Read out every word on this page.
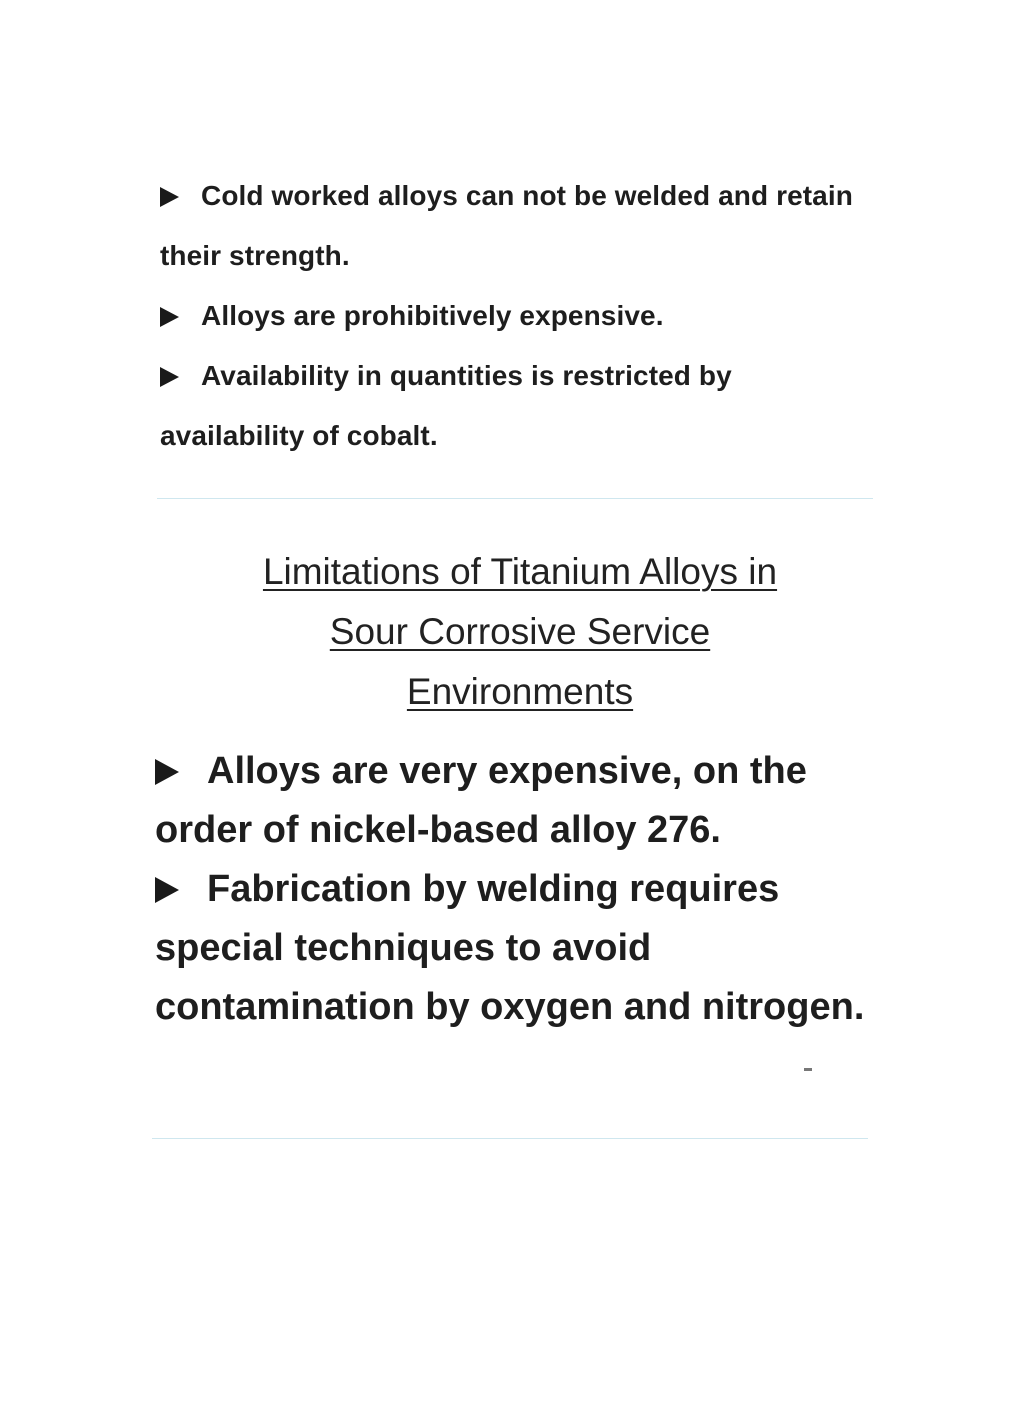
Cold worked alloys can not be welded and retain their strength.

Alloys are prohibitively expensive.

Availability in quantities is restricted by availability of cobalt.

Limitations of Titanium Alloys in
Sour Corrosive Service
Environments

Alloys are very expensive, on the order of nickel-based alloy 276.

Fabrication by welding requires special techniques to avoid contamination by oxygen and nitrogen.
